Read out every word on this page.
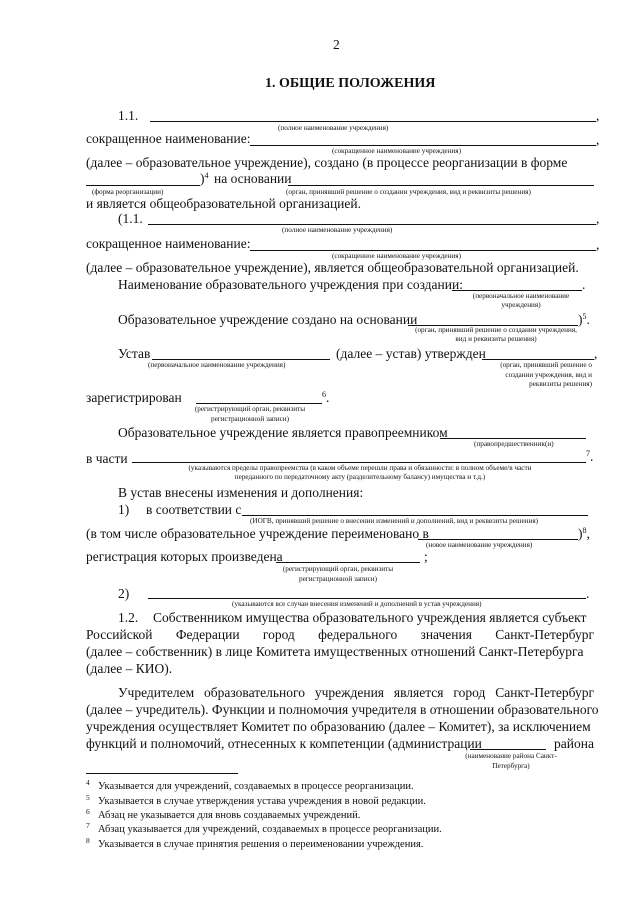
2
1. ОБЩИЕ ПОЛОЖЕНИЯ
1.1.	,
(полное наименование учреждения)
сокращенное наименование:	,
(сокращенное наименование учреждения)
(далее – образовательное учреждение), создано (в процессе реорганизации в форме
)$^4$ на основании
(форма реорганизации)	(орган, принявший решение о создании учреждения, вид и реквизиты решения)
и является общеобразовательной организацией.
(1.1.	,
(полное наименование учреждения)
сокращенное наименование:	,
(сокращенное наименование учреждения)
(далее – образовательное учреждение), является общеобразовательной организацией.
Наименование образовательного учреждения при создании:	.
(первоначальное наименование учреждения)
Образовательное учреждение создано на основании	)$^5$.
(орган, принявший решение о создании учреждения, вид и реквизиты решения)
Устав	(далее – устав) утвержден	,
(первоначальное наименование учреждения)	(орган, принявший решение о создании учреждения, вид и реквизиты решения)
зарегистрирован	$^6$.
(регистрирующий орган, реквизиты регистрационной записи)
Образовательное учреждение является правопреемником
(правопредшественник(и)
в части	$^7$.
(указываются пределы правопреемства (в каком объеме перешли права и обязанности: в полном объеме/в части переданного по передаточному акту (разделительному балансу) имущества и т.д.)
В устав внесены изменения и дополнения:
1) в соответствии с
(ИОГВ, принявший решение о внесении изменений и дополнений, вид и реквизиты решения)
(в том числе образовательное учреждение переименовано в	)$^8$,
(новое наименование учреждения)
регистрация которых произведена	;
(регистрирующий орган, реквизиты регистрационной записи)
2)	.
(указываются все случаи внесения изменений и дополнений в устав учреждения)
1.2. Собственником имущества образовательного учреждения является субъект
Российской Федерации город федерального значения Санкт-Петербург
(далее – собственник) в лице Комитета имущественных отношений Санкт-Петербурга
(далее – КИО).
Учредителем образовательного учреждения является город Санкт-Петербург
(далее – учредитель). Функции и полномочия учредителя в отношении образовательного
учреждения осуществляет Комитет по образованию (далее – Комитет), за исключением
функций и полномочий, отнесенных к компетенции (администрации	района
(наименование района Санкт-Петербурга)
4 Указывается для учреждений, создаваемых в процессе реорганизации.
5 Указывается в случае утверждения устава учреждения в новой редакции.
6 Абзац не указывается для вновь создаваемых учреждений.
7 Абзац указывается для учреждений, создаваемых в процессе реорганизации.
8 Указывается в случае принятия решения о переименовании учреждения.
